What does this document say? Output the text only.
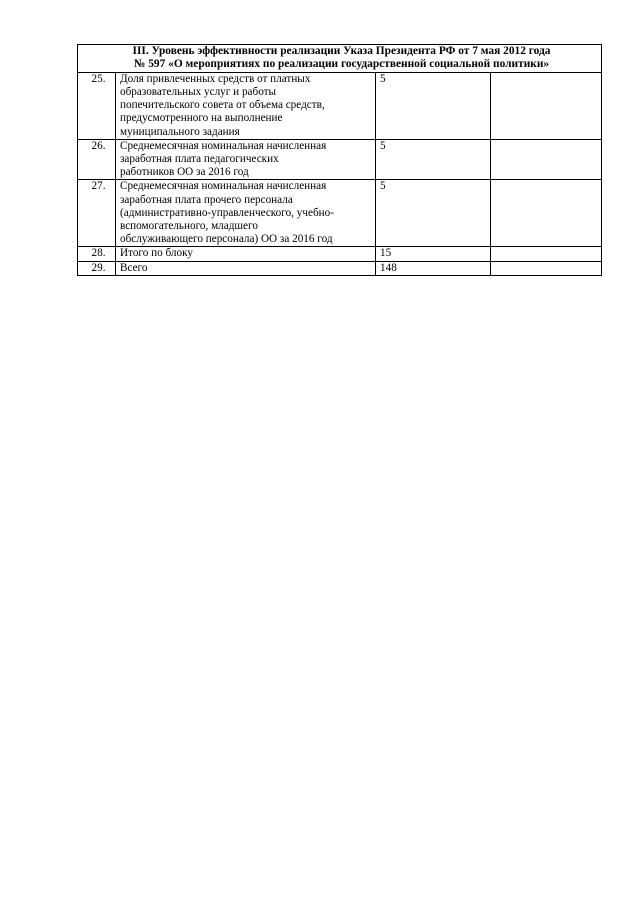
III. Уровень эффективности реализации Указа Президента РФ от 7 мая 2012 года
№ 597 «О мероприятиях по реализации государственной социальной политики»			

25.	Доля привлеченных средств от платных
образовательных услуг и работы
попечительского совета от объема средств,
предусмотренного на выполнение
муниципального задания	5	
26.	Среднемесячная номинальная начисленная
заработная плата педагогических
работников ОО за 2016 год	5	
27.	Среднемесячная номинальная начисленная
заработная плата прочего персонала
(административно-управленческого, учебно-
вспомогательного, младшего
обслуживающего персонала) ОО за 2016 год	5	
28.	Итого по блоку	15	
29.	Всего	148	
